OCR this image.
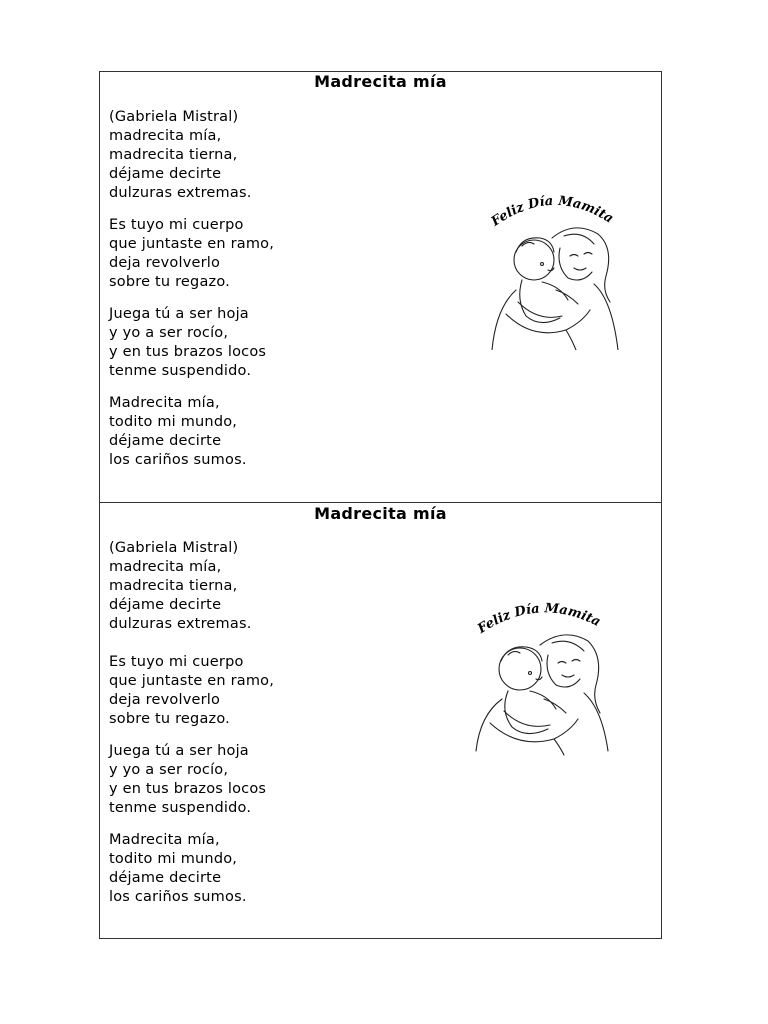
Madrecita mía
(Gabriela Mistral)
madrecita mía,
madrecita tierna,
déjame decirte
dulzuras extremas.
Es tuyo mi cuerpo
que juntaste en ramo,
deja revolverlo
sobre tu regazo.
Juega tú a ser hoja
y yo a ser rocío,
y en tus brazos locos
tenme suspendido.
Madrecita mía,
todito mi mundo,
déjame decirte
los cariños sumos.
Feliz Día Mamita
Madrecita mía
(Gabriela Mistral)
madrecita mía,
madrecita tierna,
déjame decirte
dulzuras extremas.
Es tuyo mi cuerpo
que juntaste en ramo,
deja revolverlo
sobre tu regazo.
Juega tú a ser hoja
y yo a ser rocío,
y en tus brazos locos
tenme suspendido.
Madrecita mía,
todito mi mundo,
déjame decirte
los cariños sumos.
Feliz Día Mamita
